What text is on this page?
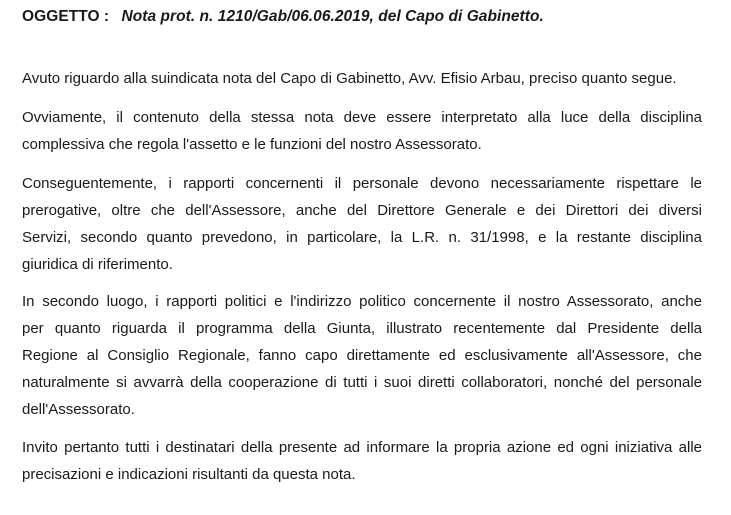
OGGETTO : Nota prot. n. 1210/Gab/06.06.2019, del Capo di Gabinetto.

Avuto riguardo alla suindicata nota del Capo di Gabinetto, Avv. Efisio Arbau, preciso quanto segue.

Ovviamente, il contenuto della stessa nota deve essere interpretato alla luce della disciplina
complessiva che regola l'assetto e le funzioni del nostro Assessorato.

Conseguentemente, i rapporti concernenti il personale devono necessariamente rispettare le
prerogative, oltre che dell'Assessore, anche del Direttore Generale e dei Direttori dei diversi
Servizi, secondo quanto prevedono, in particolare, la L.R. n. 31/1998, e la restante disciplina
giuridica di riferimento.

In secondo luogo, i rapporti politici e l'indirizzo politico concernente il nostro Assessorato, anche
per quanto riguarda il programma della Giunta, illustrato recentemente dal Presidente della
Regione al Consiglio Regionale, fanno capo direttamente ed esclusivamente all'Assessore, che
naturalmente si avvarrà della cooperazione di tutti i suoi diretti collaboratori, nonché del personale
dell'Assessorato.

Invito pertanto tutti i destinatari della presente ad informare la propria azione ed ogni iniziativa alle
precisazioni e indicazioni risultanti da questa nota.
